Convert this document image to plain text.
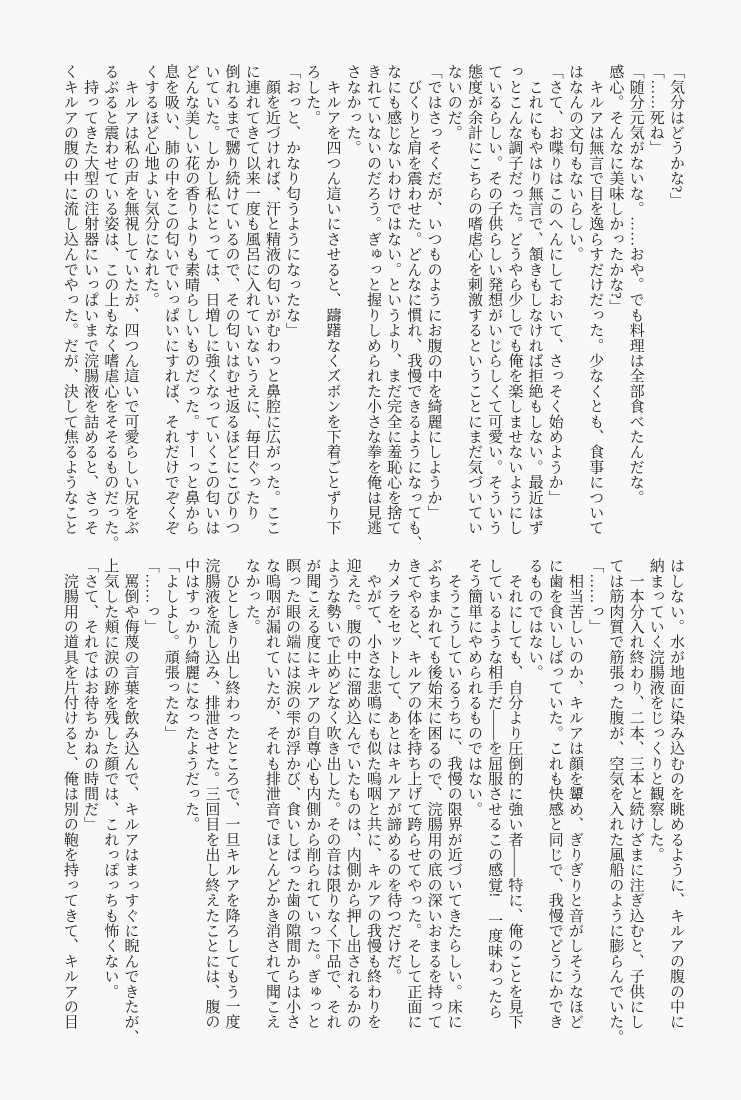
「気分はどうかな?」

「……死ね」

「随分元気がないな。……おや。でも料理は全部食べたんだな。

感心。そんなに美味しかったかな?」

　キルアは無言で目を逸らすだけだった。少なくとも、食事について

はなんの文句もないらしい。

「さて、お喋りはこのへんにしておいて、さっそく始めようか」

　これにもやはり無言で、頷きもしなければ拒絶もしない。最近はず

っとこんな調子だった。どうやら少しでも俺を楽しませないようにし

ているらしい。その子供らしい発想がいじらしくて可愛い。そういう

態度が余計にこちらの嗜虐心を刺激するということにまだ気づいてい

ないのだ。

「ではさっそくだが、いつものようにお腹の中を綺麗にしようか」

　びくりと肩を震わせた。どんなに慣れ、我慢できるようになっても、

なにも感じないわけではない。というより、まだ完全に羞恥心を捨て

きれていないのだろう。ぎゅっと握りしめられた小さな拳を俺は見逃

さなかった。

　キルアを四つん這いにさせると、躊躇なくズボンを下着ごとずり下

ろした。

「おっと、かなり匂うようになったな」

　顔を近づければ、汗と精液の匂いがむわっと鼻腔に広がった。ここ

に連れてきて以来一度も風呂に入れていないうえに、毎日ぐったり

倒れるまで嬲り続けているので、その匂いはむせ返るほどにこびりつ

いていた。しかし私にとっては、日増しに強くなっていくこの匂いは

どんな美しい花の香りよりも素晴らしいものだった。すーっと鼻から

息を吸い、肺の中をこの匂いでいっぱいにすれば、それだけでぞくぞ

くするほど心地よい気分になれた。

　キルアは私の声を無視していたが、四つん這いで可愛らしい尻をぶ

るぶると震わせている姿は、この上もなく嗜虐心をそそるものだった。

　持ってきた大型の注射器にいっぱいまで浣腸液を詰めると、さっそ

くキルアの腹の中に流し込んでやった。だが、決して焦るようなこと

はしない。水が地面に染み込むのを眺めるように、キルアの腹の中に

納まっていく浣腸液をじっくりと観察した。

　一本分入れ終わり、二本、三本と続けざまに注ぎ込むと、子供にし

ては筋肉質で筋張った腹が、空気を入れた風船のように膨らんでいた。

「……っ」

　相当苦しいのか、キルアは顔を顰め、ぎりぎりと音がしそうなほど

に歯を食いしばっていた。これも快感と同じで、我慢でどうにかでき

るものではない。

　それにしても、自分より圧倒的に強い者――特に、俺のことを見下

しているような相手だ――を屈服させるこの感覚!　一度味わったら

そう簡単にやめられるものではない。

　そうこうしているうちに、我慢の限界が近づいてきたらしい。床に

ぶちまかれても後始末に困るので、浣腸用の底の深いおまるを持って

きてやると、キルアの体を持ち上げて跨らせてやった。そして正面に

カメラをセットして、あとはキルアが諦めるのを待つだけだ。

　やがて、小さな悲鳴にも似た嗚咽と共に、キルアの我慢も終わりを

迎えた。腹の中に溜め込んでいたものは、内側から押し出されるかの

ような勢いで止めどなく吹き出した。その音は限りなく下品で、それ

が聞こえる度にキルアの自尊心も内側から削られていった。ぎゅっと

瞑った眼の端には涙の雫が浮かび、食いしばった歯の隙間からは小さ

な嗚咽が漏れていたが、それも排泄音でほとんどかき消されて聞こえ

なかった。

　ひとしきり出し終わったところで、一旦キルアを降ろしてもう一度

浣腸液を流し込み、排泄させた。三回目を出し終えたことには、腹の

中はすっかり綺麗になったようだった。

「よしよし。頑張ったな」

「……っ」

　罵倒や侮蔑の言葉を飲み込んで、キルアはまっすぐに睨んできたが、

上気した頬に涙の跡を残した顔では、これっぽっちも怖くない。

「さて、それではお待ちかねの時間だ」

　浣腸用の道具を片付けると、俺は別の鞄を持ってきて、キルアの目
